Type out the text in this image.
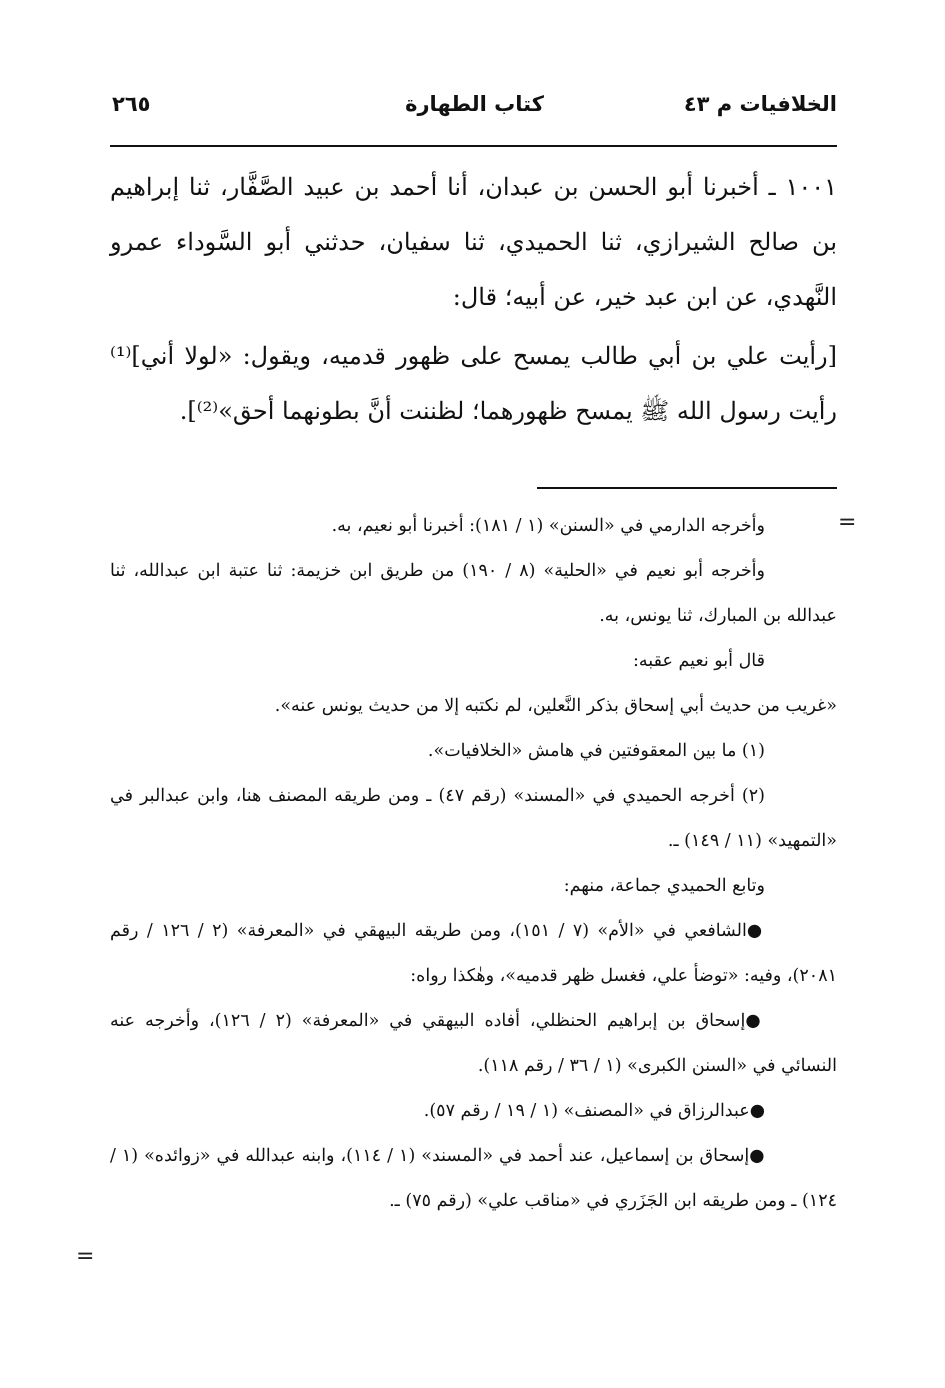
الخلافيات م ٤٣
كتاب الطهارة
٢٦٥

١٠٠١ ـ أخبرنا أبو الحسن بن عبدان، أنا أحمد بن عبيد الصَّفَّار، ثنا إبراهيم بن صالح الشيرازي، ثنا الحميدي، ثنا سفيان، حدثني أبو السَّوداء عمرو النَّهدي، عن ابن عبد خير، عن أبيه؛ قال:

[رأيت علي بن أبي طالب يمسح على ظهور قدميه، ويقول: «لولا أني]⁽¹⁾ رأيت رسول الله ﷺ يمسح ظهورهما؛ لظننت أنَّ بطونهما أحق»⁽²⁾].

=

وأخرجه الدارمي في «السنن» (١ / ١٨١): أخبرنا أبو نعيم، به.

وأخرجه أبو نعيم في «الحلية» (٨ / ١٩٠) من طريق ابن خزيمة: ثنا عتبة ابن عبدالله، ثنا عبدالله بن المبارك، ثنا يونس، به.

قال أبو نعيم عقبه:

«غريب من حديث أبي إسحاق بذكر النَّعلين، لم نكتبه إلا من حديث يونس عنه».

(١) ما بين المعقوفتين في هامش «الخلافيات».

(٢) أخرجه الحميدي في «المسند» (رقم ٤٧) ـ ومن طريقه المصنف هنا، وابن عبدالبر في «التمهيد» (١١ / ١٤٩) ـ.

وتابع الحميدي جماعة، منهم:

● الشافعي في «الأم» (٧ / ١٥١)، ومن طريقه البيهقي في «المعرفة» (٢ / ١٢٦ / رقم ٢٠٨١)، وفيه: «توضأ علي، فغسل ظهر قدميه»، وهٰكذا رواه:

● إسحاق بن إبراهيم الحنظلي، أفاده البيهقي في «المعرفة» (٢ / ١٢٦)، وأخرجه عنه النسائي في «السنن الكبرى» (١ / ٣٦ / رقم ١١٨).

● عبدالرزاق في «المصنف» (١ / ١٩ / رقم ٥٧).

● إسحاق بن إسماعيل، عند أحمد في «المسند» (١ / ١١٤)، وابنه عبدالله في «زوائده» (١ / ١٢٤) ـ ومن طريقه ابن الجَزَري في «مناقب علي» (رقم ٧٥) ـ.

=
